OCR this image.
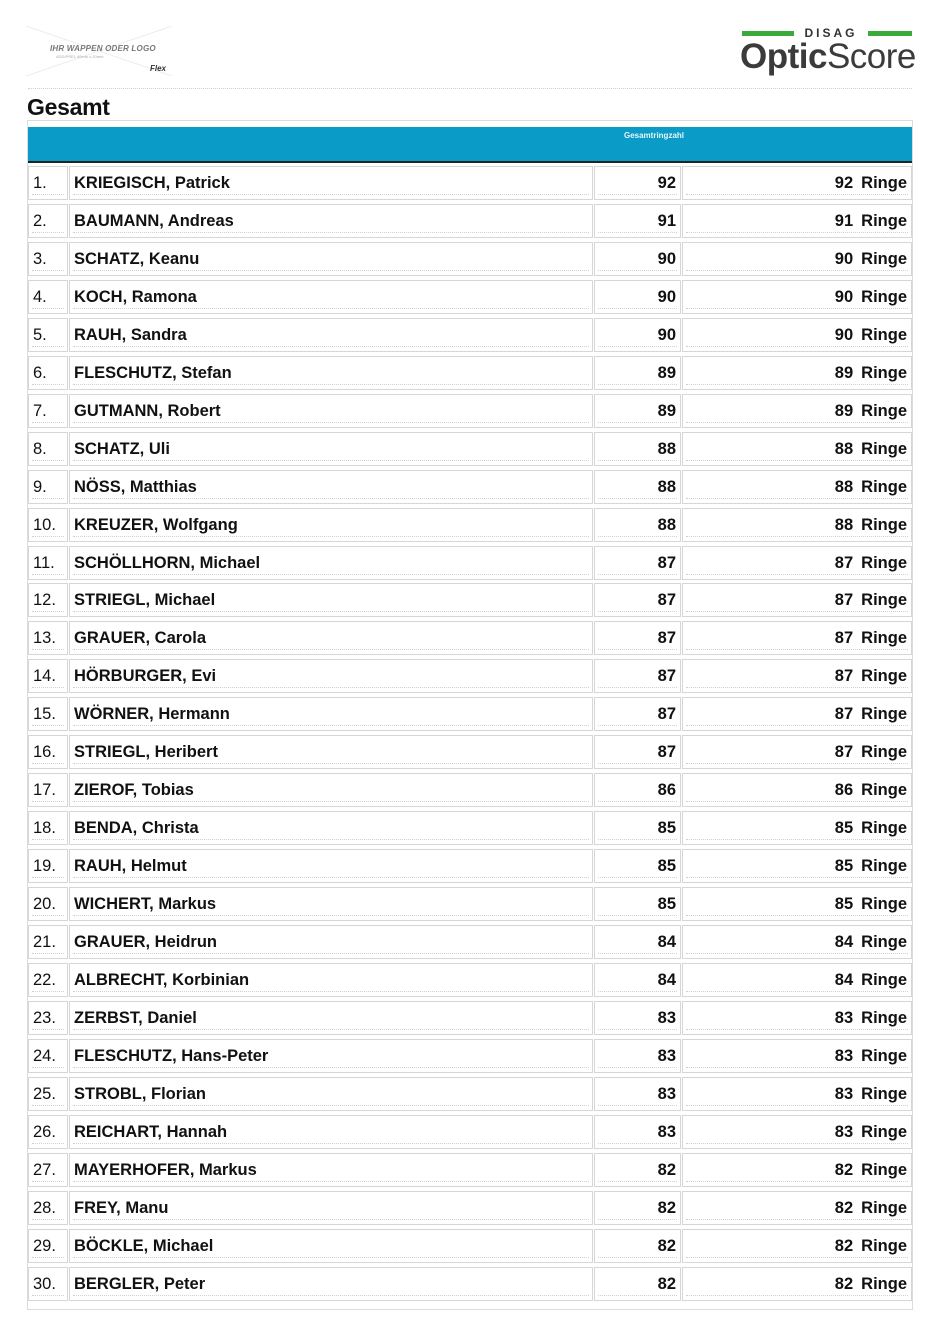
IHR WAPPEN ODER LOGO
ADD/PREL 40mm x 20mm
Flex
DISAG
OpticScore
Gesamt
Gesamtringzahl
1. KRIEGISCH, Patrick	92	92 Ringe
2. BAUMANN, Andreas	91	91 Ringe
3. SCHATZ, Keanu	90	90 Ringe
4. KOCH, Ramona	90	90 Ringe
5. RAUH, Sandra	90	90 Ringe
6. FLESCHUTZ, Stefan	89	89 Ringe
7. GUTMANN, Robert	89	89 Ringe
8. SCHATZ, Uli	88	88 Ringe
9. NÖSS, Matthias	88	88 Ringe
10. KREUZER, Wolfgang	88	88 Ringe
11. SCHÖLLHORN, Michael	87	87 Ringe
12. STRIEGL, Michael	87	87 Ringe
13. GRAUER, Carola	87	87 Ringe
14. HÖRBURGER, Evi	87	87 Ringe
15. WÖRNER, Hermann	87	87 Ringe
16. STRIEGL, Heribert	87	87 Ringe
17. ZIEROF, Tobias	86	86 Ringe
18. BENDA, Christa	85	85 Ringe
19. RAUH, Helmut	85	85 Ringe
20. WICHERT, Markus	85	85 Ringe
21. GRAUER, Heidrun	84	84 Ringe
22. ALBRECHT, Korbinian	84	84 Ringe
23. ZERBST, Daniel	83	83 Ringe
24. FLESCHUTZ, Hans-Peter	83	83 Ringe
25. STROBL, Florian	83	83 Ringe
26. REICHART, Hannah	83	83 Ringe
27. MAYERHOFER, Markus	82	82 Ringe
28. FREY, Manu	82	82 Ringe
29. BÖCKLE, Michael	82	82 Ringe
30. BERGLER, Peter	82	82 Ringe
